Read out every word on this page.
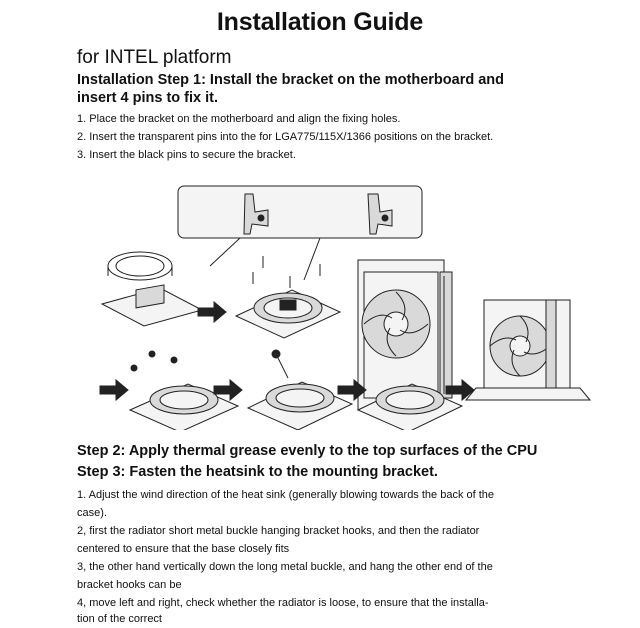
Installation Guide
for INTEL platform
Installation Step 1: Install the bracket on the motherboard and
insert 4 pins to fix it.
1. Place the bracket on the motherboard and align the fixing holes.
2. Insert the transparent pins into the for LGA775/115X/1366 positions on the bracket.
3. Insert the black pins to secure the bracket.
Step 2: Apply thermal grease evenly to the top surfaces of the CPU
Step 3: Fasten the heatsink to the mounting bracket.
1. Adjust the wind direction of the heat sink (generally blowing towards the back of the
case).
2, first the radiator short metal buckle hanging bracket hooks, and then the radiator
centered to ensure that the base closely fits
3, the other hand vertically down the long metal buckle, and hang the other end of the
bracket hooks can be
4, move left and right, check whether the radiator is loose, to ensure that the installa-
tion of the correct
